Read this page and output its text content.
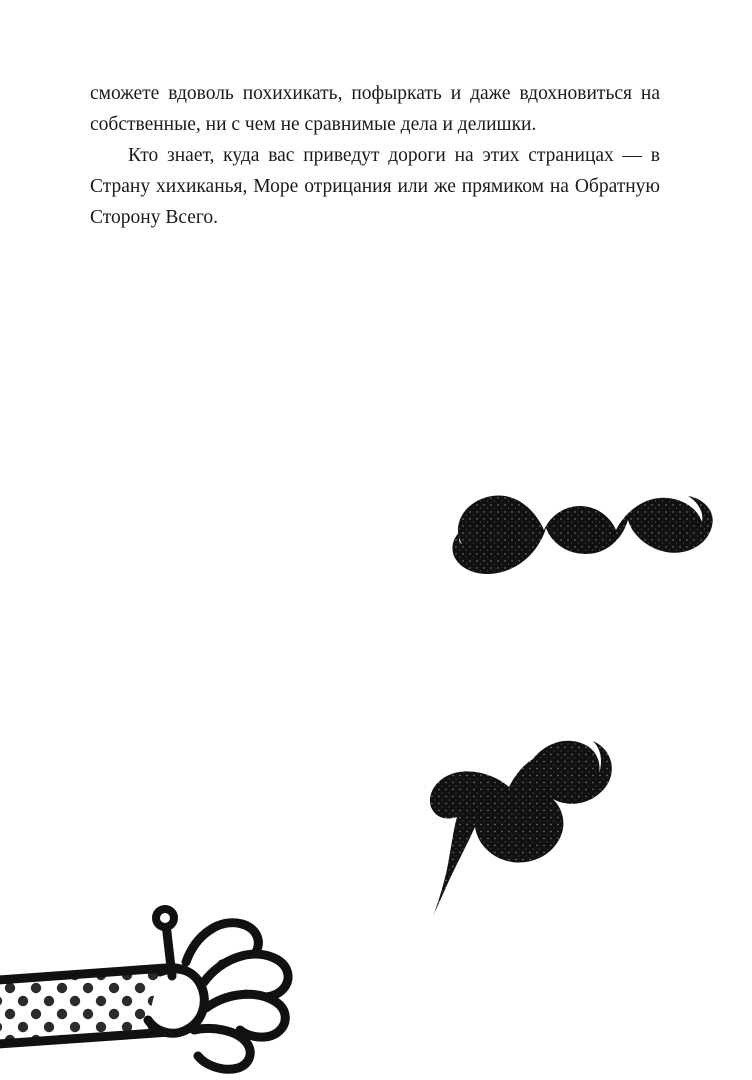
сможете вдоволь похихикать, пофыркать и даже вдохновиться на собственные, ни с чем не сравнимые дела и делишки.

Кто знает, куда вас приведут дороги на этих страницах — в Страну хихиканья, Море отрицания или же прямиком на Обратную Сторону Всего.
